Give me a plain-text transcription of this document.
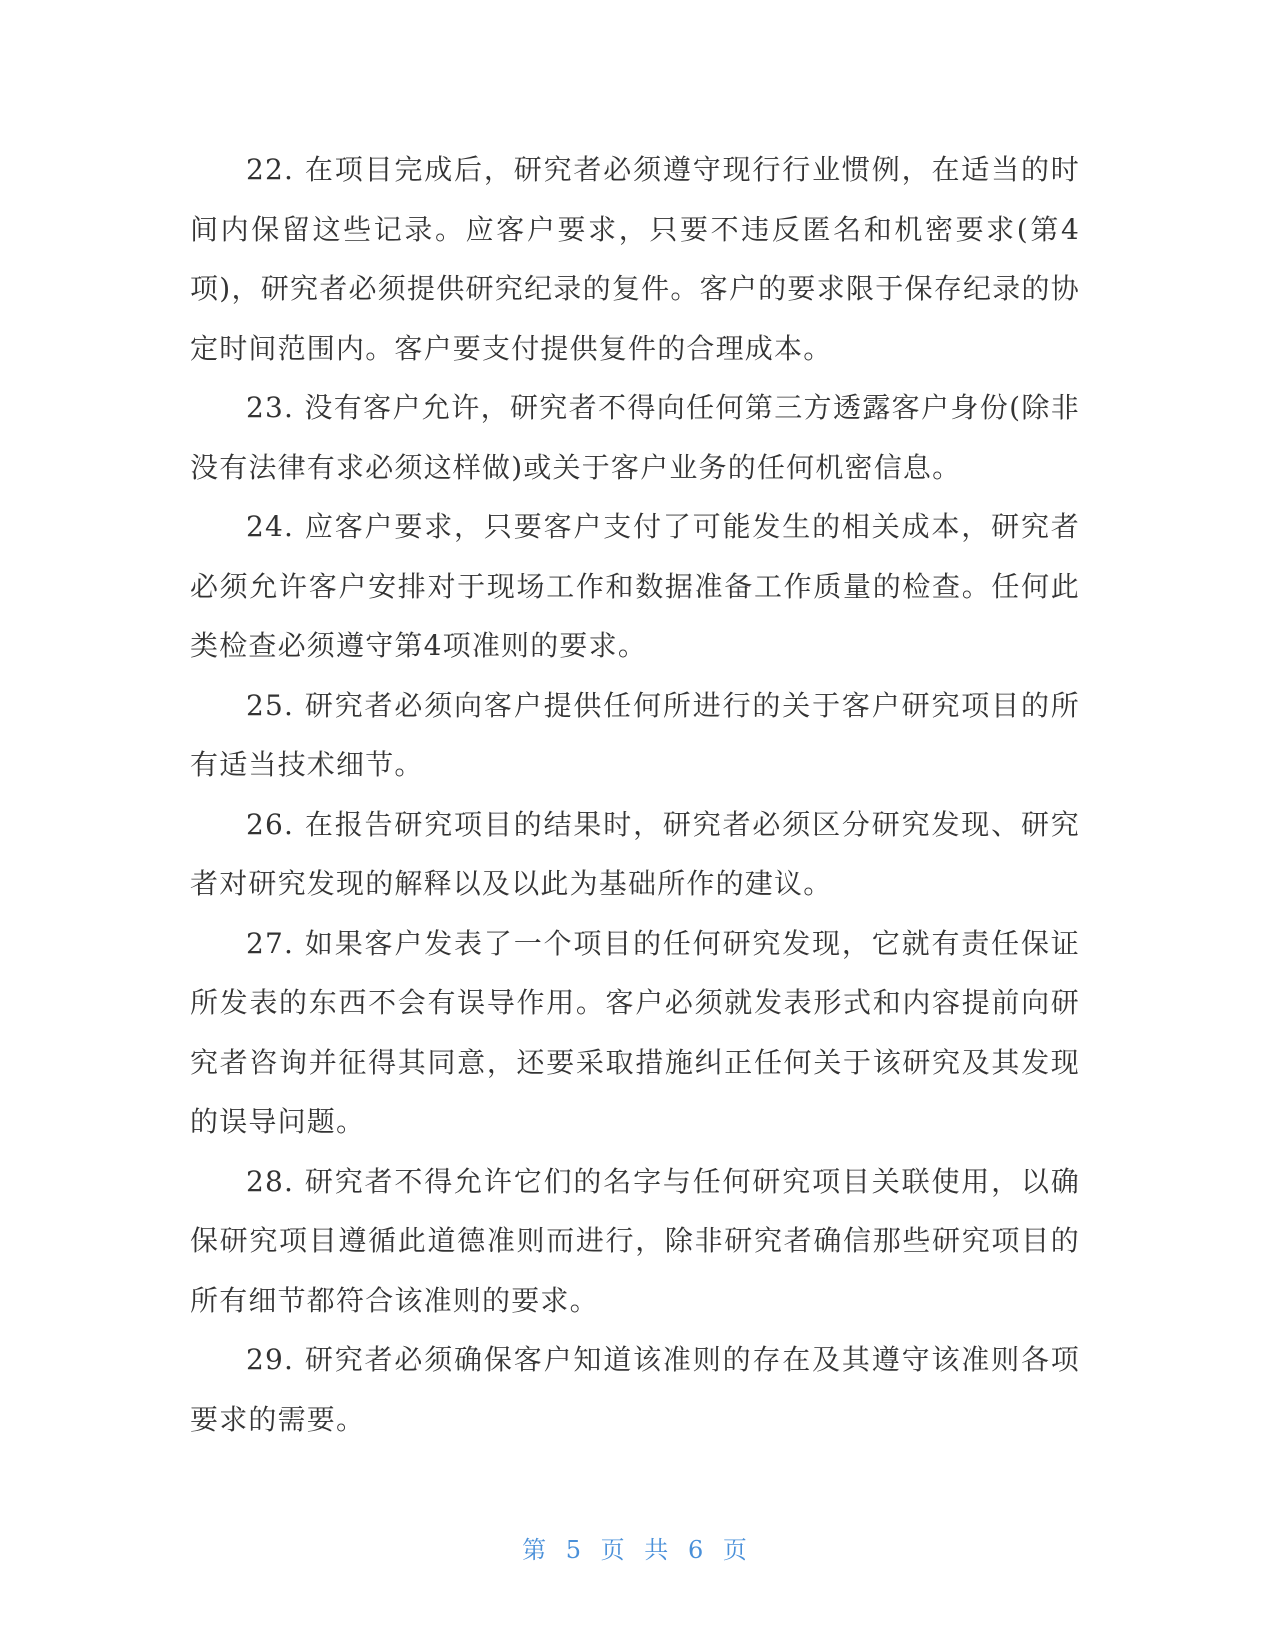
22. 在项目完成后，研究者必须遵守现行行业惯例，在适当的时间内保留这些记录。应客户要求，只要不违反匿名和机密要求(第4项)，研究者必须提供研究纪录的复件。客户的要求限于保存纪录的协定时间范围内。客户要支付提供复件的合理成本。

23. 没有客户允许，研究者不得向任何第三方透露客户身份(除非没有法律有求必须这样做)或关于客户业务的任何机密信息。

24. 应客户要求，只要客户支付了可能发生的相关成本，研究者必须允许客户安排对于现场工作和数据准备工作质量的检查。任何此类检查必须遵守第4项准则的要求。

25. 研究者必须向客户提供任何所进行的关于客户研究项目的所有适当技术细节。

26. 在报告研究项目的结果时，研究者必须区分研究发现、研究者对研究发现的解释以及以此为基础所作的建议。

27. 如果客户发表了一个项目的任何研究发现，它就有责任保证所发表的东西不会有误导作用。客户必须就发表形式和内容提前向研究者咨询并征得其同意，还要采取措施纠正任何关于该研究及其发现的误导问题。

28. 研究者不得允许它们的名字与任何研究项目关联使用，以确保研究项目遵循此道德准则而进行，除非研究者确信那些研究项目的所有细节都符合该准则的要求。

29. 研究者必须确保客户知道该准则的存在及其遵守该准则各项要求的需要。

第 5 页 共 6 页
